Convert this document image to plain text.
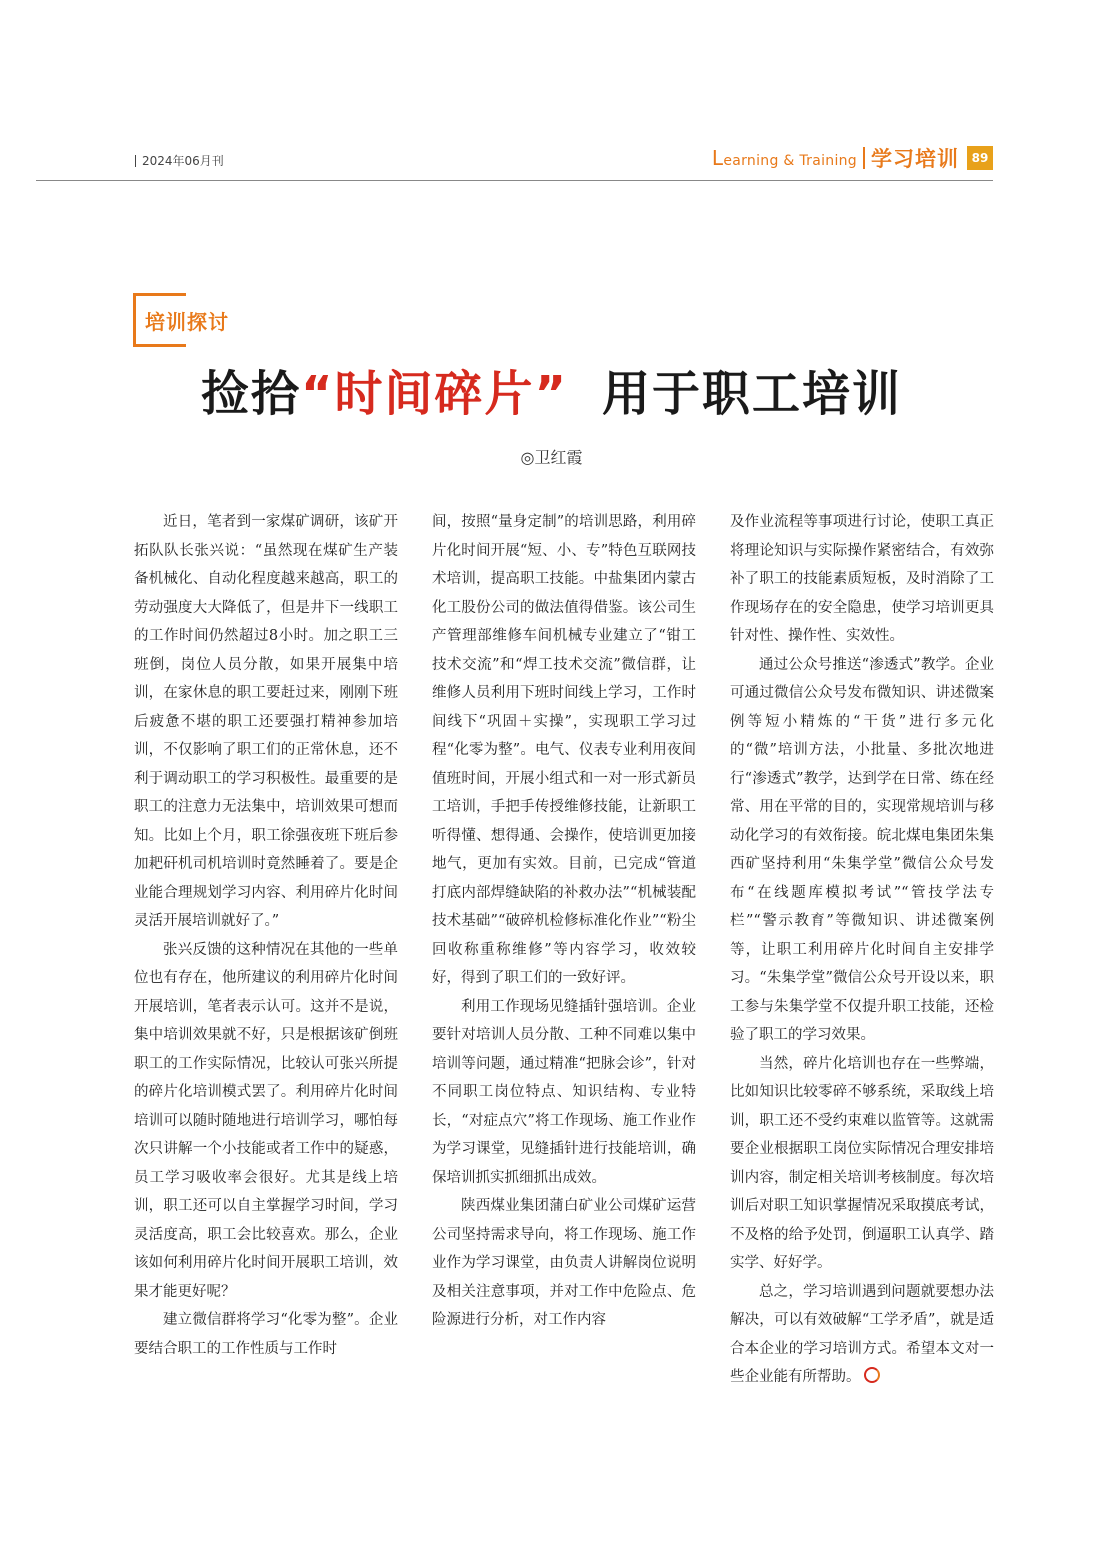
2024年06月刊	Learning & Training 学习培训	89
培训探讨
捡拾“时间碎片” 用于职工培训
◎卫红霞

近日，笔者到一家煤矿调研，该矿开拓队队长张兴说：“虽然现在煤矿生产装备机械化、自动化程度越来越高，职工的劳动强度大大降低了，但是井下一线职工的工作时间仍然超过8小时。加之职工三班倒，岗位人员分散，如果开展集中培训，在家休息的职工要赶过来，刚刚下班后疲惫不堪的职工还要强打精神参加培训，不仅影响了职工们的正常休息，还不利于调动职工的学习积极性。最重要的是职工的注意力无法集中，培训效果可想而知。比如上个月，职工徐强夜班下班后参加耙矸机司机培训时竟然睡着了。要是企业能合理规划学习内容、利用碎片化时间灵活开展培训就好了。”

张兴反馈的这种情况在其他的一些单位也有存在，他所建议的利用碎片化时间开展培训，笔者表示认可。这并不是说，集中培训效果就不好，只是根据该矿倒班职工的工作实际情况，比较认可张兴所提的碎片化培训模式罢了。利用碎片化时间培训可以随时随地进行培训学习，哪怕每次只讲解一个小技能或者工作中的疑惑，员工学习吸收率会很好。尤其是线上培训，职工还可以自主掌握学习时间，学习灵活度高，职工会比较喜欢。那么，企业该如何利用碎片化时间开展职工培训，效果才能更好呢？

建立微信群将学习“化零为整”。企业要结合职工的工作性质与工作时

间，按照“量身定制”的培训思路，利用碎片化时间开展“短、小、专”特色互联网技术培训，提高职工技能。中盐集团内蒙古化工股份公司的做法值得借鉴。该公司生产管理部维修车间机械专业建立了“钳工技术交流”和“焊工技术交流”微信群，让维修人员利用下班时间线上学习，工作时间线下“巩固＋实操”，实现职工学习过程“化零为整”。电气、仪表专业利用夜间值班时间，开展小组式和一对一形式新员工培训，手把手传授维修技能，让新职工听得懂、想得通、会操作，使培训更加接地气，更加有实效。目前，已完成“管道打底内部焊缝缺陷的补救办法”“机械装配技术基础”“破碎机检修标准化作业”“粉尘回收称重称维修”等内容学习，收效较好，得到了职工们的一致好评。

利用工作现场见缝插针强培训。企业要针对培训人员分散、工种不同难以集中培训等问题，通过精准“把脉会诊”，针对不同职工岗位特点、知识结构、专业特长，“对症点穴”将工作现场、施工作业作为学习课堂，见缝插针进行技能培训，确保培训抓实抓细抓出成效。

陕西煤业集团蒲白矿业公司煤矿运营公司坚持需求导向，将工作现场、施工作业作为学习课堂，由负责人讲解岗位说明及相关注意事项，并对工作中危险点、危险源进行分析，对工作内容

及作业流程等事项进行讨论，使职工真正将理论知识与实际操作紧密结合，有效弥补了职工的技能素质短板，及时消除了工作现场存在的安全隐患，使学习培训更具针对性、操作性、实效性。

通过公众号推送“渗透式”教学。企业可通过微信公众号发布微知识、讲述微案例等短小精炼的“干货”进行多元化的“微”培训方法，小批量、多批次地进行“渗透式”教学，达到学在日常、练在经常、用在平常的目的，实现常规培训与移动化学习的有效衔接。皖北煤电集团朱集西矿坚持利用“朱集学堂”微信公众号发布“在线题库模拟考试”“管技学法专栏”“警示教育”等微知识、讲述微案例等，让职工利用碎片化时间自主安排学习。“朱集学堂”微信公众号开设以来，职工参与朱集学堂不仅提升职工技能，还检验了职工的学习效果。

当然，碎片化培训也存在一些弊端，比如知识比较零碎不够系统，采取线上培训，职工还不受约束难以监管等。这就需要企业根据职工岗位实际情况合理安排培训内容，制定相关培训考核制度。每次培训后对职工知识掌握情况采取摸底考试，不及格的给予处罚，倒逼职工认真学、踏实学、好好学。

总之，学习培训遇到问题就要想办法解决，可以有效破解“工学矛盾”，就是适合本企业的学习培训方式。希望本文对一些企业能有所帮助。
